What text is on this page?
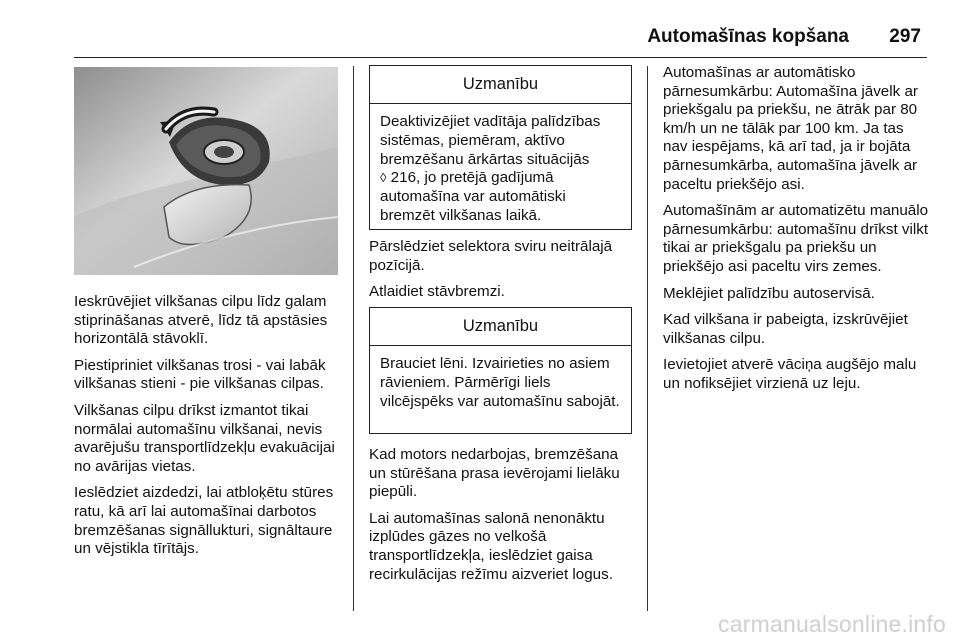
Automašīnas kopšana 297

Ieskrūvējiet vilkšanas cilpu līdz galam stiprināšanas atverē, līdz tā apstāsies horizontālā stāvoklī.

Piestipriniet vilkšanas trosi - vai labāk vilkšanas stieni - pie vilkšanas cilpas.

Vilkšanas cilpu drīkst izmantot tikai normālai automašīnu vilkšanai, nevis avarējušu transportlīdzekļu evakuācijai no avārijas vietas.

Ieslēdziet aizdedzi, lai atbloķētu stūres ratu, kā arī lai automašīnai darbotos bremzēšanas signāllukturi, signāltaure un vējstikla tīrītājs.

Uzmanību
Deaktivizējiet vadītāja palīdzības sistēmas, piemēram, aktīvo bremzēšanu ārkārtas situācijās
◊ 216, jo pretējā gadījumā automašīna var automātiski bremzēt vilkšanas laikā.

Pārslēdziet selektora sviru neitrālajā pozīcijā.

Atlaidiet stāvbremzi.

Uzmanību
Brauciet lēni. Izvairieties no asiem rāvieniem. Pārmērīgi liels vilcējspēks var automašīnu sabojāt.

Kad motors nedarbojas, bremzēšana un stūrēšana prasa ievērojami lielāku piepūli.

Lai automašīnas salonā nenonāktu izplūdes gāzes no velkošā transportlīdzekļa, ieslēdziet gaisa recirkulācijas režīmu aizveriet logus.

Automašīnas ar automātisko pārnesumkārbu: Automašīna jāvelk ar priekšgalu pa priekšu, ne ātrāk par 80 km/h un ne tālāk par 100 km. Ja tas nav iespējams, kā arī tad, ja ir bojāta pārnesumkārba, automašīna jāvelk ar paceltu priekšējo asi.

Automašīnām ar automatizētu manuālo pārnesumkārbu: automašīnu drīkst vilkt tikai ar priekšgalu pa priekšu un priekšējo asi paceltu virs zemes.

Meklējiet palīdzību autoservisā.

Kad vilkšana ir pabeigta, izskrūvējiet vilkšanas cilpu.

Ievietojiet atverē vāciņa augšējo malu un nofiksējiet virzienā uz leju.

carmanualsonline.info
